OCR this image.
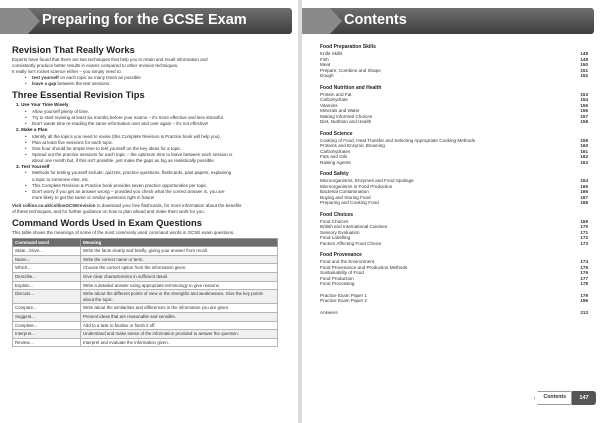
Preparing for the GCSE Exam
Revision That Really Works
Experts have found that there are two techniques that help you to retain and recall information and
consistently produce better results in exams compared to other revision techniques.
It really isn't rocket science either – you simply need to:
• test yourself on each topic as many times as possible
• leave a gap between the test sessions.
Three Essential Revision Tips
1. Use Your Time Wisely
• Allow yourself plenty of time.
• Try to start revising at least six months before your exams – it's more effective and less stressful.
• Don't waste time re-reading the same information over and over again – it's not effective!
2. Make a Plan
• Identify all the topics you need to revise (this Complete Revision & Practice book will help you).
• Plan at least five sessions for each topic.
• One hour should be ample time to test yourself on the key ideas for a topic.
• Spread out the practice sessions for each topic – the optimum time to leave between each session is
about one month but, if this isn't possible, just make the gaps as big as realistically possible.
3. Test Yourself
• Methods for testing yourself include: quizzes, practice questions, flashcards, past papers, explaining
a topic to someone else, etc.
• This Complete Revision & Practice book provides seven practice opportunities per topic.
• Don't worry if you get an answer wrong – provided you check what the correct answer is, you are
more likely to get the same or similar questions right in future!
Visit collins.co.uk/collinsGCSErevision to download your free flashcards, for more information about the benefits
of these techniques, and for further guidance on how to plan ahead and make them work for you.
Command Words Used in Exam Questions
This table shows the meanings of some of the most commonly used command words in GCSE exam questions.
Command word	Meaning
State.../Give...	Write the facts clearly and briefly, giving your answer from recall.
Name...	Write the correct name or term.
Which...	Choose the correct option from the information given.
Describe...	Give clear characteristics in sufficient detail.
Explain...	Write a detailed answer using appropriate terminology to give reasons.
Discuss...	Write about the different points of view or the strengths and weaknesses. Give the key points about the topic.
Compare...	Write about the similarities and differences in the information you are given.
Suggest...	Present ideas that are reasonable and sensible.
Complete...	Add to a task to finalise or finish it off.
Interpret...	Understand and make sense of the information provided to answer the question.
Review...	Interpret and evaluate the information given.
Contents
Food Preparation Skills
Knife Skills	148
Fish	149
Meat	150
Prepare, Combine and Shape	151
Dough	152
Food Nutrition and Health
Protein and Fat	153
Carbohydrate	154
Vitamins	155
Minerals and Water	156
Making Informed Choices	157
Diet, Nutrition and Health	158
Food Science
Cooking of Food, Heat Transfer and Selecting Appropriate Cooking Methods	159
Proteins and Enzymic Browning	160
Carbohydrates	161
Fats and Oils	162
Raising Agents	163
Food Safety
Microorganisms, Enzymes and Food Spoilage	164
Microorganisms in Food Production	165
Bacterial Contamination	166
Buying and Storing Food	167
Preparing and Cooking Food	168
Food Choices
Food Choices	169
British and International Cuisines	170
Sensory Evaluation	171
Food Labelling	172
Factors Affecting Food Choice	173
Food Provenance
Food and the Environment	174
Food Provenance and Production Methods	175
Sustainability of Food	176
Food Production	177
Food Processing	178
Practice Exam Paper 1	179
Practice Exam Paper 2	196
Answers	213
Contents	147
